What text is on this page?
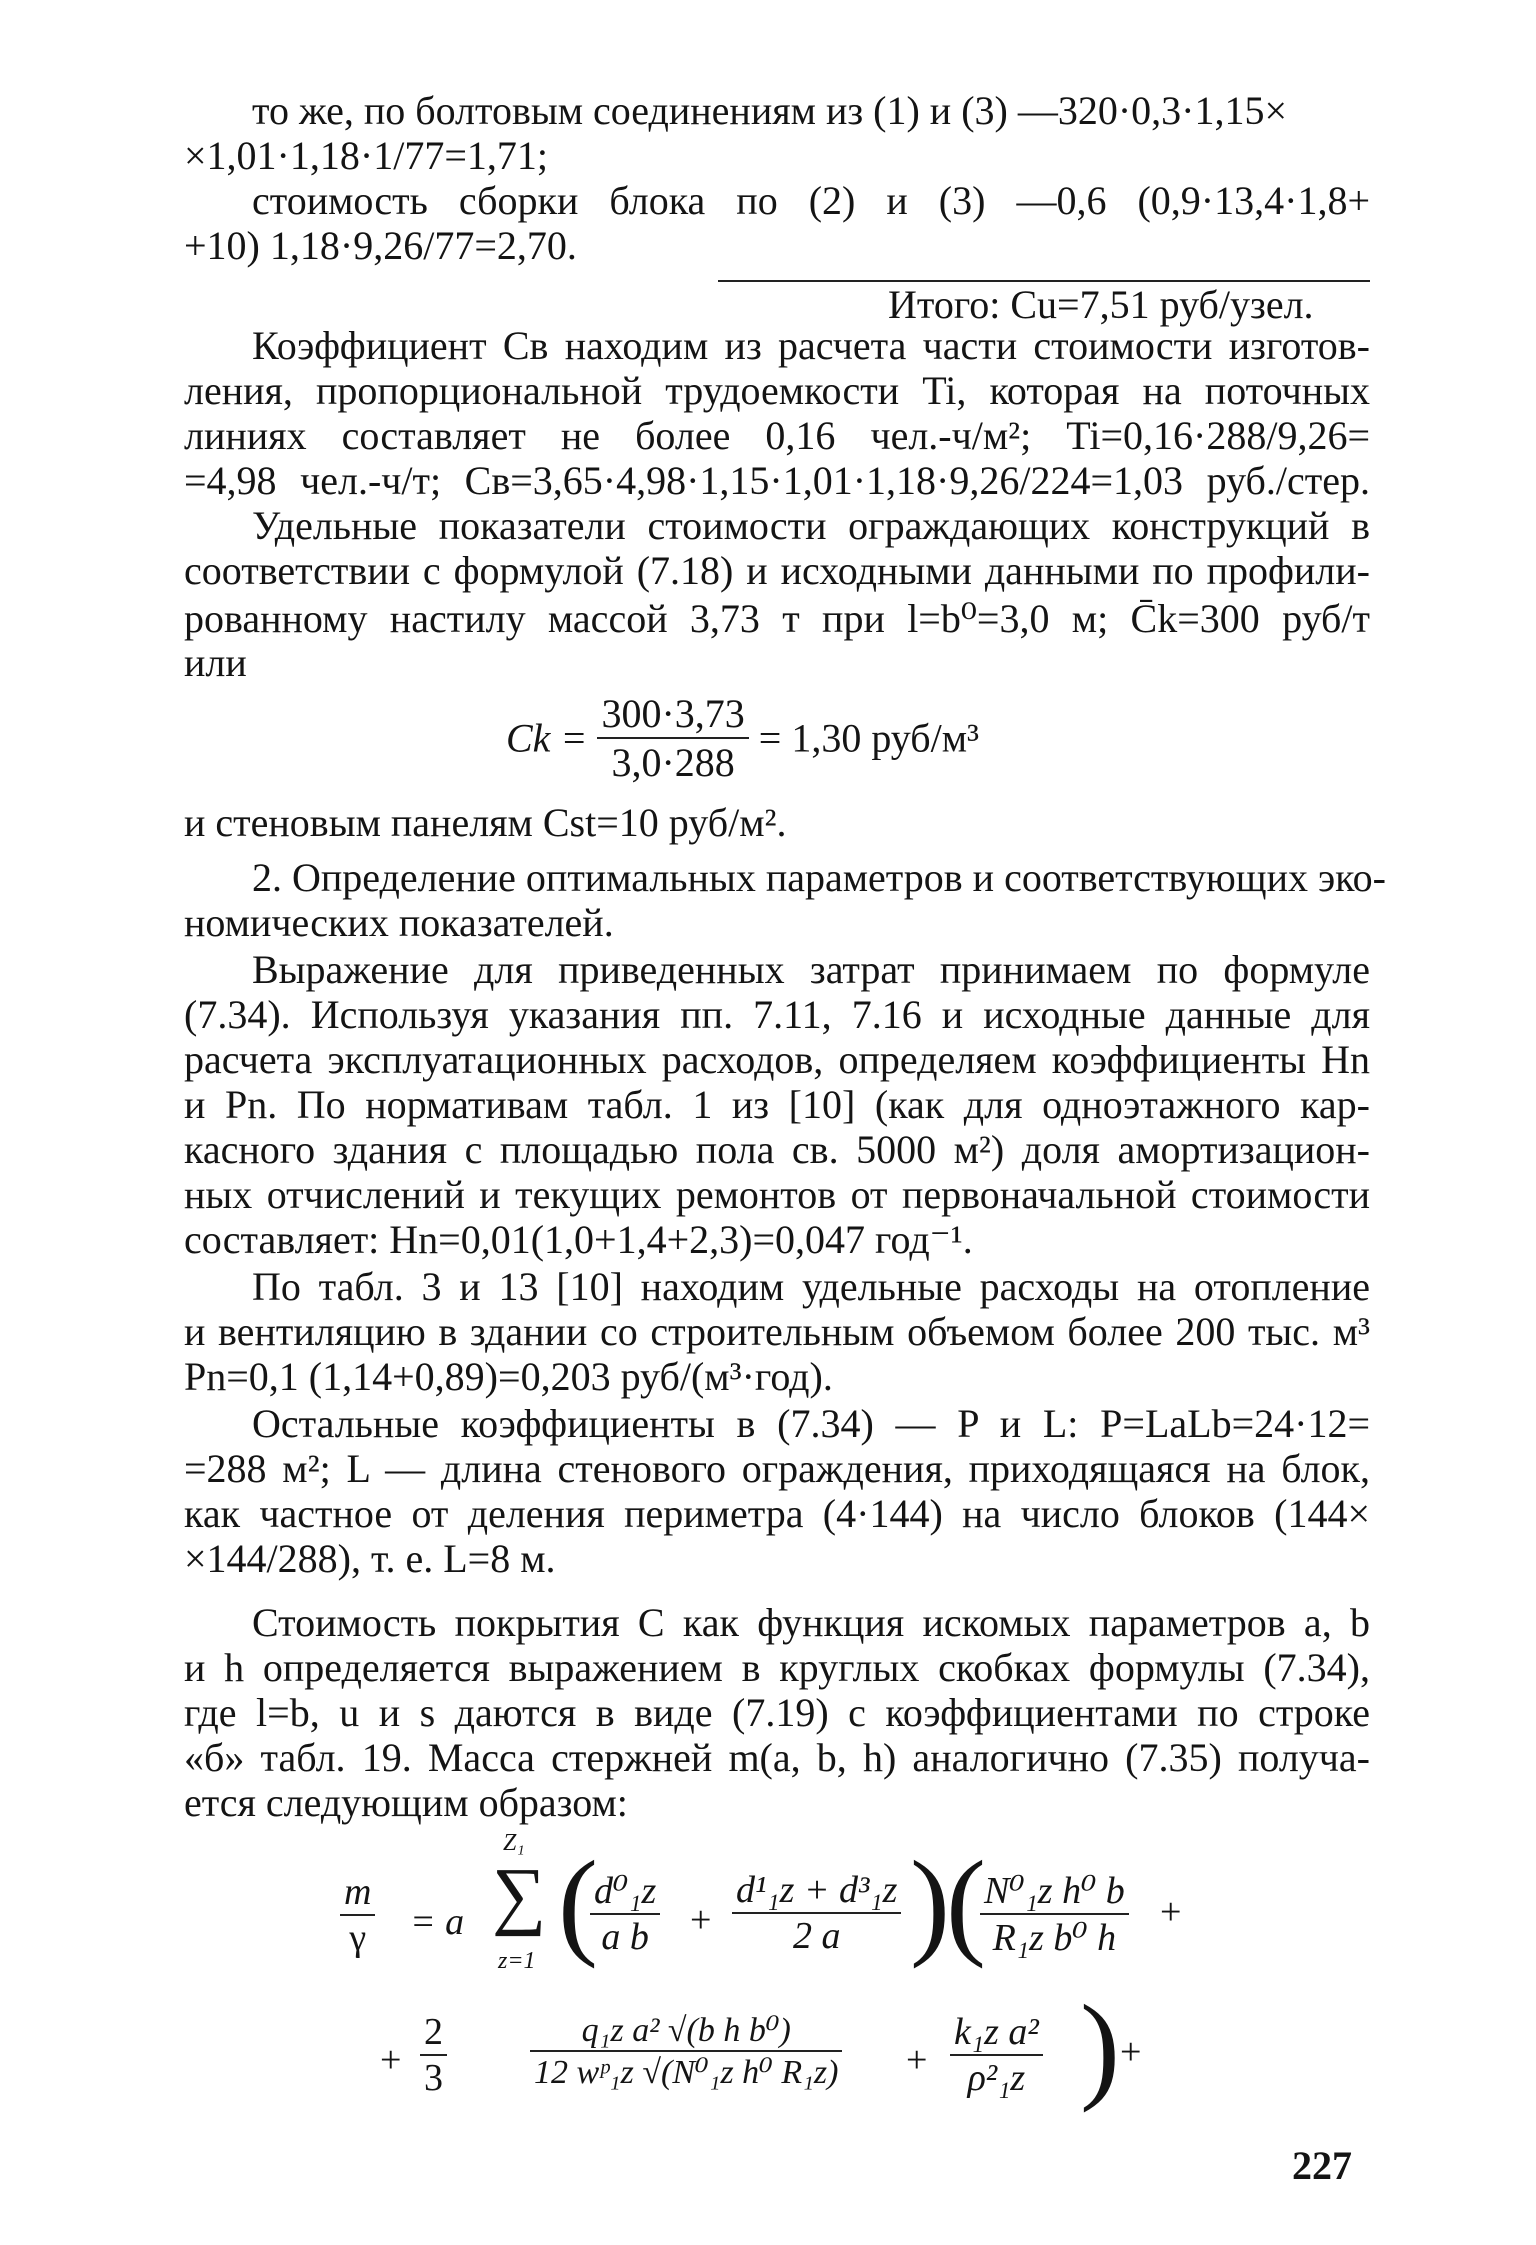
то же, по болтовым соединениям из (1) и (3) —320·0,3·1,15×
×1,01·1,18·1/77=1,71;
стоимость сборки блока по (2) и (3) —0,6 (0,9·13,4·1,8+
+10) 1,18·9,26/77=2,70.
Итого: Cu=7,51 руб/узел.
Коэффициент Cв находим из расчета части стоимости изготов-
ления, пропорциональной трудоемкости Ti, которая на поточных
линиях составляет не более 0,16 чел.-ч/м²; Ti=0,16·288/9,26=
=4,98 чел.-ч/т; Cв=3,65·4,98·1,15·1,01·1,18·9,26/224=1,03 руб./стер.
Удельные показатели стоимости ограждающих конструкций в
соответствии с формулой (7.18) и исходными данными по профили-
рованному настилу массой 3,73 т при l=b⁰=3,0 м; C̄k=300 руб/т
или
$Ck = \frac{300\cdot 3,73}{3,0\cdot 288} = 1,30$ руб/м³
и стеновым панелям Cst=10 руб/м².
2. Определение оптимальных параметров и соответствующих эко-
номических показателей.
Выражение для приведенных затрат принимаем по формуле
(7.34). Используя указания пп. 7.11, 7.16 и исходные данные для
расчета эксплуатационных расходов, определяем коэффициенты Hn
и Pn. По нормативам табл. 1 из [10] (как для одноэтажного кар-
касного здания с площадью пола св. 5000 м²) доля амортизацион-
ных отчислений и текущих ремонтов от первоначальной стоимости
составляет: Hn=0,01(1,0+1,4+2,3)=0,047 год⁻¹.
По табл. 3 и 13 [10] находим удельные расходы на отопление
и вентиляцию в здании со строительным объемом более 200 тыс. м³
Pn=0,1 (1,14+0,89)=0,203 руб/(м³·год).
Остальные коэффициенты в (7.34) — P и L: P=LaLb=24·12=
=288 м²; L — длина стенового ограждения, приходящаяся на блок,
как частное от деления периметра (4·144) на число блоков (144×
×144/288), т. е. L=8 м.
Стоимость покрытия C как функция искомых параметров a, b
и h определяется выражением в круглых скобках формулы (7.34),
где l=b, u и s даются в виде (7.19) с коэффициентами по строке
«б» табл. 19. Масса стержней m(a, b, h) аналогично (7.35) получа-
ется следующим образом:
$\frac{m}{\gamma} = a$
Z₁
∑
z=1 (
$\frac{\text{d⁰₁z}}{\text{a b}} + \frac{\text{d¹₁z + d³₁z}}{2 a}$ )
(
$\frac{\text{N⁰₁z h⁰ b}}{\text{R₁z b⁰ h}}$ +
+ $\frac{2}{3} \frac{\text{q₁z a² √(b h b⁰)}}{\text{12 wᵖ₁z √(N⁰₁z h⁰ R₁z)}} + \frac{\text{k₁z a²}}{\text{ρ²₁z}}$ ) +
227
